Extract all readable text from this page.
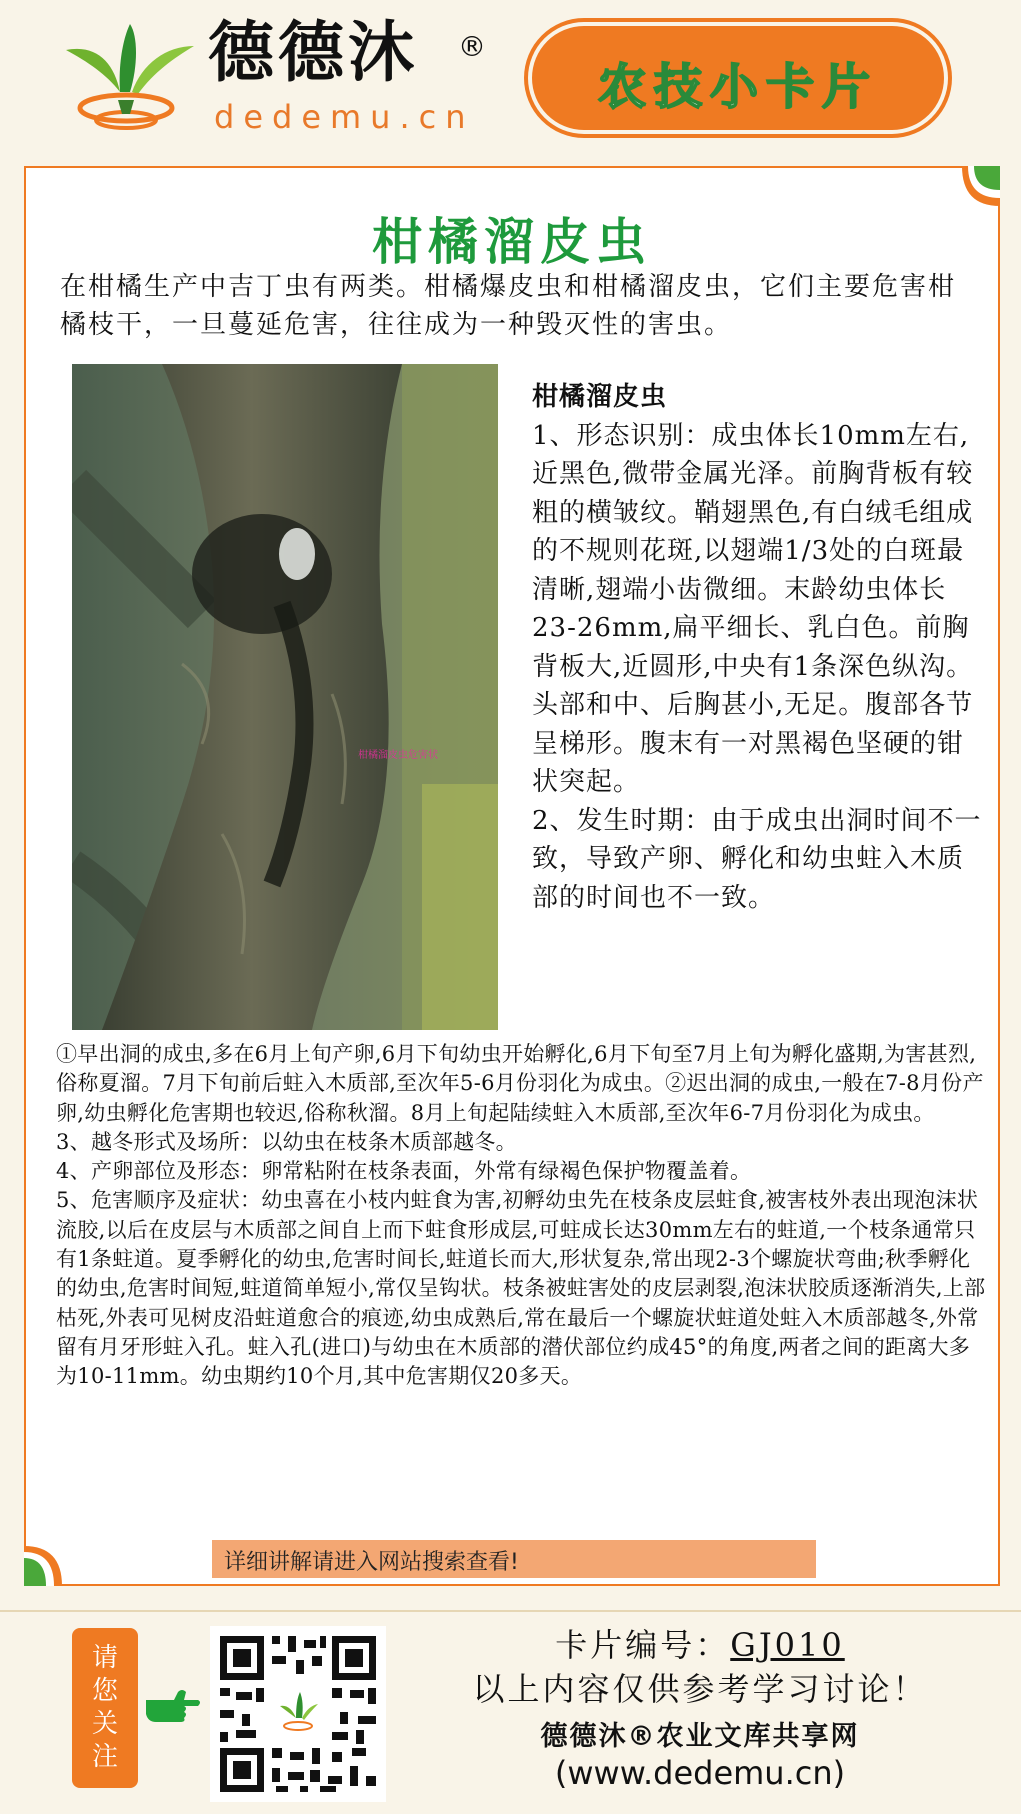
德德沐 ®
dedemu.cn
农技小卡片
柑橘溜皮虫
在柑橘生产中吉丁虫有两类。柑橘爆皮虫和柑橘溜皮虫，它们主要危害柑橘枝干，一旦蔓延危害，往往成为一种毁灭性的害虫。
柑橘溜皮虫危害状

柑橘溜皮虫

1、形态识别：成虫体长10mm左右,近黑色,微带金属光泽。前胸背板有较粗的横皱纹。鞘翅黑色,有白绒毛组成的不规则花斑,以翅端1/3处的白斑最清晰,翅端小齿微细。末龄幼虫体长23-26mm,扁平细长、乳白色。前胸背板大,近圆形,中央有1条深色纵沟。头部和中、后胸甚小,无足。腹部各节呈梯形。腹末有一对黑褐色坚硬的钳状突起。

2、发生时期：由于成虫出洞时间不一致，导致产卵、孵化和幼虫蛀入木质部的时间也不一致。

①早出洞的成虫,多在6月上旬产卵,6月下旬幼虫开始孵化,6月下旬至7月上旬为孵化盛期,为害甚烈,俗称夏溜。7月下旬前后蛀入木质部,至次年5-6月份羽化为成虫。②迟出洞的成虫,一般在7-8月份产卵,幼虫孵化危害期也较迟,俗称秋溜。8月上旬起陆续蛀入木质部,至次年6-7月份羽化为成虫。

3、越冬形式及场所：以幼虫在枝条木质部越冬。

4、产卵部位及形态：卵常粘附在枝条表面，外常有绿褐色保护物覆盖着。

5、危害顺序及症状：幼虫喜在小枝内蛀食为害,初孵幼虫先在枝条皮层蛀食,被害枝外表出现泡沫状流胶,以后在皮层与木质部之间自上而下蛀食形成层,可蛀成长达30mm左右的蛀道,一个枝条通常只有1条蛀道。夏季孵化的幼虫,危害时间长,蛀道长而大,形状复杂,常出现2-3个螺旋状弯曲;秋季孵化的幼虫,危害时间短,蛀道简单短小,常仅呈钩状。枝条被蛀害处的皮层剥裂,泡沫状胶质逐渐消失,上部枯死,外表可见树皮沿蛀道愈合的痕迹,幼虫成熟后,常在最后一个螺旋状蛀道处蛀入木质部越冬,外常留有月牙形蛀入孔。蛀入孔(进口)与幼虫在木质部的潜伏部位约成45°的角度,两者之间的距离大多为10-11mm。幼虫期约10个月,其中危害期仅20多天。

详细讲解请进入网站搜索查看!
请
您
关
注
卡片编号：GJ010
以上内容仅供参考学习讨论！
德德沐®农业文库共享网
(www.dedemu.cn)
